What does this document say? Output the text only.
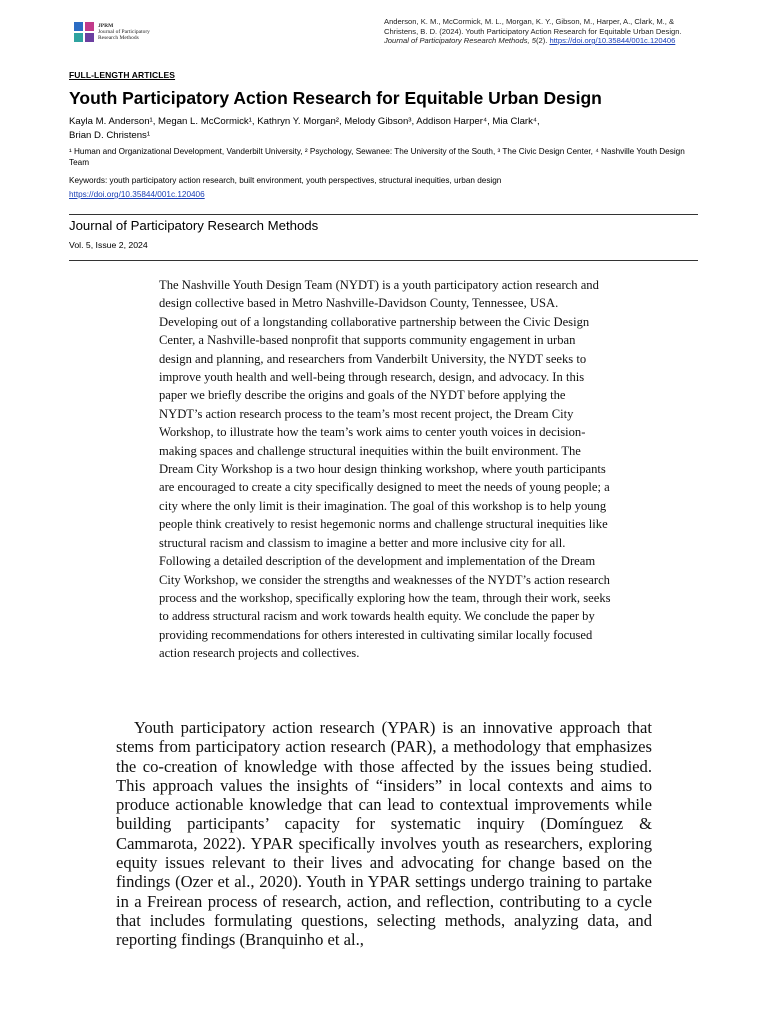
JPRM
Journal of Participatory Research Methods
Anderson, K. M., McCormick, M. L., Morgan, K. Y., Gibson, M., Harper, A., Clark, M., &
Christens, B. D. (2024). Youth Participatory Action Research for Equitable Urban Design.
Journal of Participatory Research Methods, 5(2). https://doi.org/10.35844/001c.120406
FULL-LENGTH ARTICLES
Youth Participatory Action Research for Equitable Urban Design
Kayla M. Anderson¹, Megan L. McCormick¹, Kathryn Y. Morgan², Melody Gibson³, Addison Harper⁴, Mia Clark⁴,
Brian D. Christens¹
¹ Human and Organizational Development, Vanderbilt University, ² Psychology, Sewanee: The University of the South, ³ The Civic Design Center, ⁴ Nashville Youth Design Team
Keywords: youth participatory action research, built environment, youth perspectives, structural inequities, urban design
https://doi.org/10.35844/001c.120406
Journal of Participatory Research Methods
Vol. 5, Issue 2, 2024

The Nashville Youth Design Team (NYDT) is a youth participatory action research and design collective based in Metro Nashville-Davidson County, Tennessee, USA. Developing out of a longstanding collaborative partnership between the Civic Design Center, a Nashville-based nonprofit that supports community engagement in urban design and planning, and researchers from Vanderbilt University, the NYDT seeks to improve youth health and well-being through research, design, and advocacy. In this paper we briefly describe the origins and goals of the NYDT before applying the NYDT’s action research process to the team’s most recent project, the Dream City Workshop, to illustrate how the team’s work aims to center youth voices in decision-making spaces and challenge structural inequities within the built environment. The Dream City Workshop is a two hour design thinking workshop, where youth participants are encouraged to create a city specifically designed to meet the needs of young people; a city where the only limit is their imagination. The goal of this workshop is to help young people think creatively to resist hegemonic norms and challenge structural inequities like structural racism and classism to imagine a better and more inclusive city for all. Following a detailed description of the development and implementation of the Dream City Workshop, we consider the strengths and weaknesses of the NYDT’s action research process and the workshop, specifically exploring how the team, through their work, seeks to address structural racism and work towards health equity. We conclude the paper by providing recommendations for others interested in cultivating similar locally focused action research projects and collectives.

Youth participatory action research (YPAR) is an innovative approach that stems from participatory action research (PAR), a methodology that emphasizes the co-creation of knowledge with those affected by the issues being studied. This approach values the insights of “insiders” in local contexts and aims to produce actionable knowledge that can lead to contextual improvements while building participants’ capacity for systematic inquiry (Domínguez & Cammarota, 2022). YPAR specifically involves youth as researchers, exploring equity issues relevant to their lives and advocating for change based on the findings (Ozer et al., 2020). Youth in YPAR settings undergo training to partake in a Freirean process of research, action, and reflection, contributing to a cycle that includes formulating questions, selecting methods, analyzing data, and reporting findings (Branquinho et al.,
